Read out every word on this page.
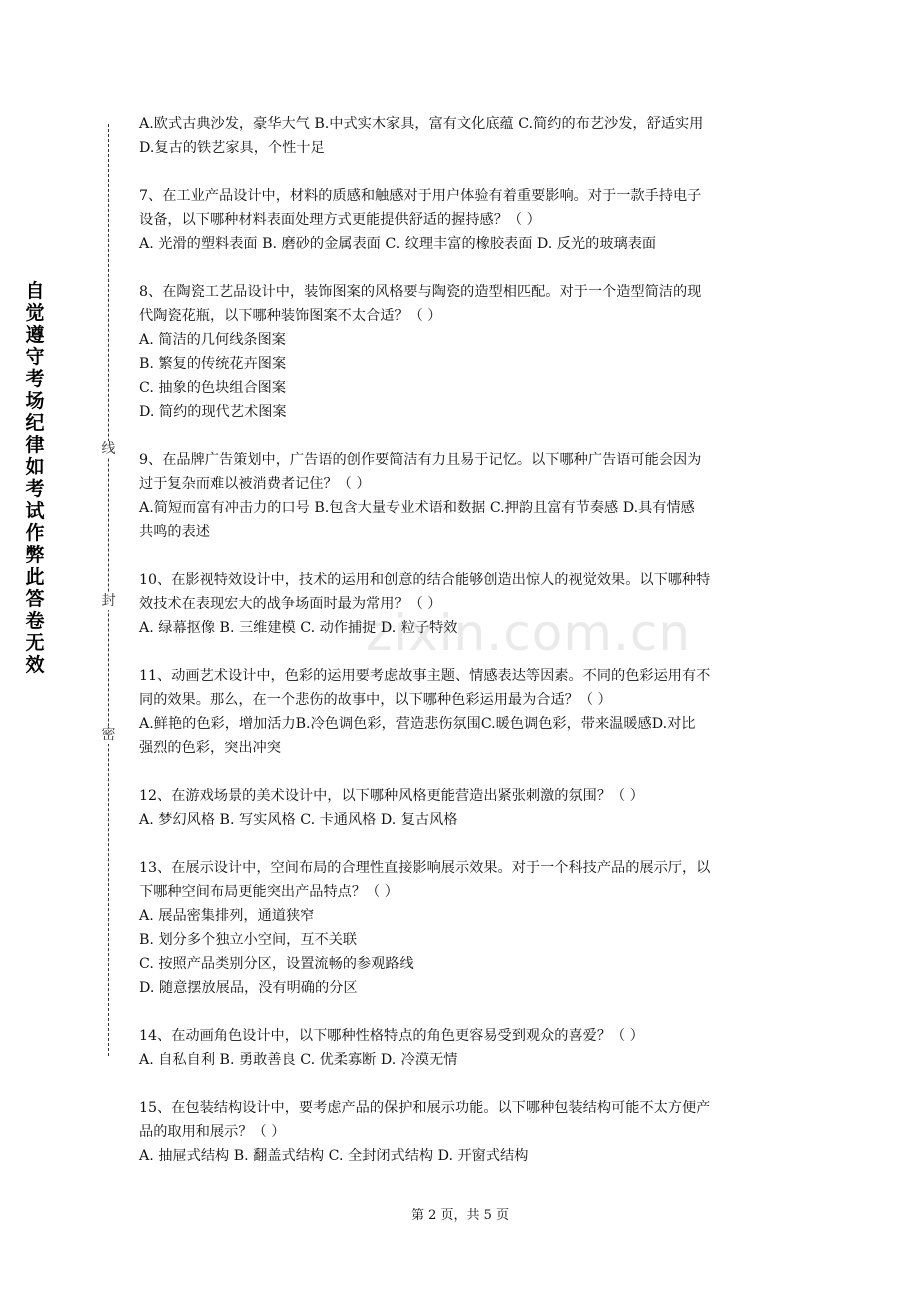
自觉遵守考场纪律如考试作弊此答卷无效
线
封
密
zixin.com.cn

A.欧式古典沙发，豪华大气 B.中式实木家具，富有文化底蕴 C.简约的布艺沙发，舒适实用

D.复古的铁艺家具，个性十足

7、在工业产品设计中，材料的质感和触感对于用户体验有着重要影响。对于一款手持电子

设备，以下哪种材料表面处理方式更能提供舒适的握持感？（ ）

A. 光滑的塑料表面 B. 磨砂的金属表面 C. 纹理丰富的橡胶表面 D. 反光的玻璃表面

8、在陶瓷工艺品设计中，装饰图案的风格要与陶瓷的造型相匹配。对于一个造型简洁的现

代陶瓷花瓶，以下哪种装饰图案不太合适？（ ）

A. 简洁的几何线条图案

B. 繁复的传统花卉图案

C. 抽象的色块组合图案

D. 简约的现代艺术图案

9、在品牌广告策划中，广告语的创作要简洁有力且易于记忆。以下哪种广告语可能会因为

过于复杂而难以被消费者记住？（ ）

A.简短而富有冲击力的口号 B.包含大量专业术语和数据 C.押韵且富有节奏感 D.具有情感

共鸣的表述

10、在影视特效设计中，技术的运用和创意的结合能够创造出惊人的视觉效果。以下哪种特

效技术在表现宏大的战争场面时最为常用？（ ）

A. 绿幕抠像 B. 三维建模 C. 动作捕捉 D. 粒子特效

11、动画艺术设计中，色彩的运用要考虑故事主题、情感表达等因素。不同的色彩运用有不

同的效果。那么，在一个悲伤的故事中，以下哪种色彩运用最为合适？（ ）

A.鲜艳的色彩，增加活力B.冷色调色彩，营造悲伤氛围C.暖色调色彩，带来温暖感D.对比

强烈的色彩，突出冲突

12、在游戏场景的美术设计中，以下哪种风格更能营造出紧张刺激的氛围？（ ）

A. 梦幻风格 B. 写实风格 C. 卡通风格 D. 复古风格

13、在展示设计中，空间布局的合理性直接影响展示效果。对于一个科技产品的展示厅，以

下哪种空间布局更能突出产品特点？（ ）

A. 展品密集排列，通道狭窄

B. 划分多个独立小空间，互不关联

C. 按照产品类别分区，设置流畅的参观路线

D. 随意摆放展品，没有明确的分区

14、在动画角色设计中，以下哪种性格特点的角色更容易受到观众的喜爱？（ ）

A. 自私自利 B. 勇敢善良 C. 优柔寡断 D. 冷漠无情

15、在包装结构设计中，要考虑产品的保护和展示功能。以下哪种包装结构可能不太方便产

品的取用和展示？（ ）

A. 抽屉式结构 B. 翻盖式结构 C. 全封闭式结构 D. 开窗式结构

第 2 页，共 5 页
